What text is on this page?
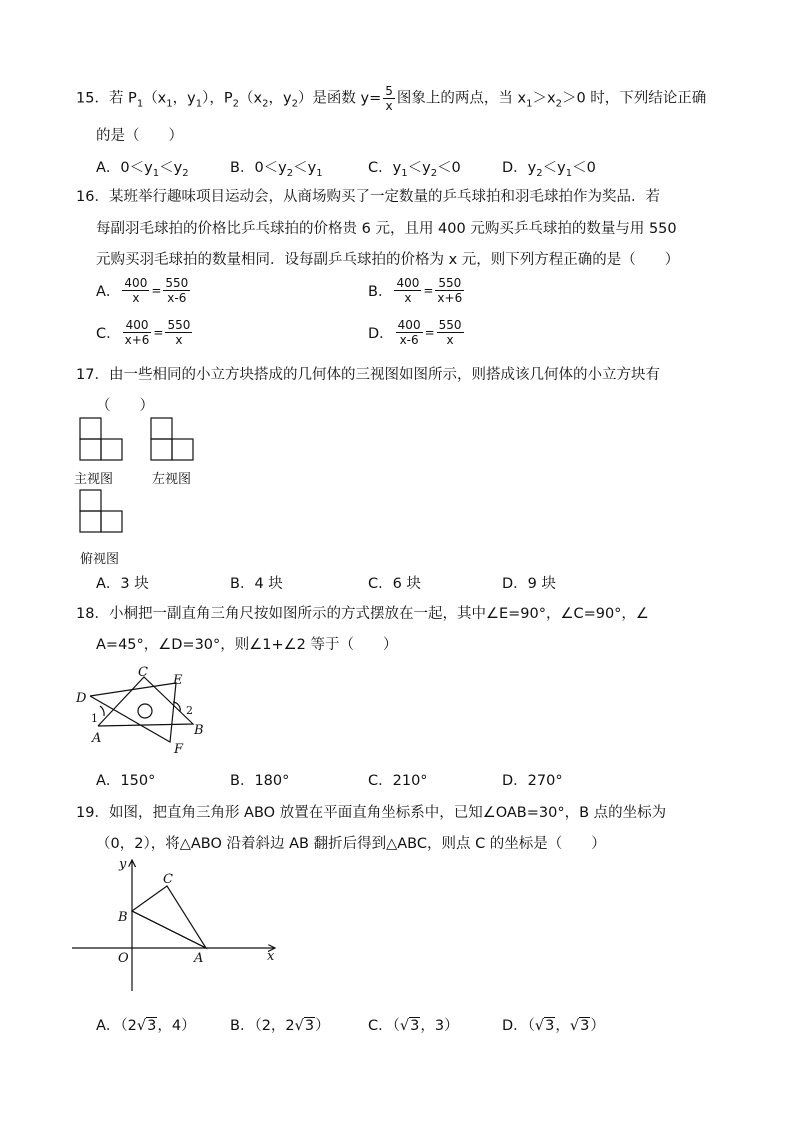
15．若 $P_1(x_1$，$y_1$），$P_2(x_2$，$y_2$）是函数 $y= \frac{5}{x}$ 图象上的两点，当 $x_1>x_2>0$ 时，下列结论正确
的是（　　）
A．$0<y_1<y_2$	B．$0<y_2<y_1$	C．$y_1<y_2<0$	D．$y_2<y_1<0$
16．某班举行趣味项目运动会，从商场购买了一定数量的乒乓球拍和羽毛球拍作为奖品．若
每副羽毛球拍的价格比乒乓球拍的价格贵 6 元，且用 400 元购买乒乓球拍的数量与用 550
元购买羽毛球拍的数量相同．设每副乒乓球拍的价格为 x 元，则下列方程正确的是（　　）
A． $\frac{400}{x} = \frac{550}{x-6}$	B． $\frac{400}{x} = \frac{550}{x+6}$
C． $\frac{400}{x+6} = \frac{550}{x}$	D． $\frac{400}{x-6} = \frac{550}{x}$
17．由一些相同的小立方块搭成的几何体的三视图如图所示，则搭成该几何体的小立方块有
（　　）
主视图	左视图
俯视图
A．3 块	B．4 块	C．6 块	D．9 块
18．小桐把一副直角三角尺按如图所示的方式摆放在一起，其中∠E=90°，∠C=90°，∠
A=45°，∠D=30°，则∠1+∠2 等于（　　）
C
E
D
2
1
A
B
F
A．150°	B．180°	C．210°	D．270°
19．如图，把直角三角形 ABO 放置在平面直角坐标系中，已知∠OAB=30°，B 点的坐标为
（0，2），将△ABO 沿着斜边 AB 翻折后得到△ABC，则点 C 的坐标是（　　）
y
C
B
O	A	x
A．（2√3，4） B．（2，2√3）	C．（√3，3）	D．（√3，√3）
